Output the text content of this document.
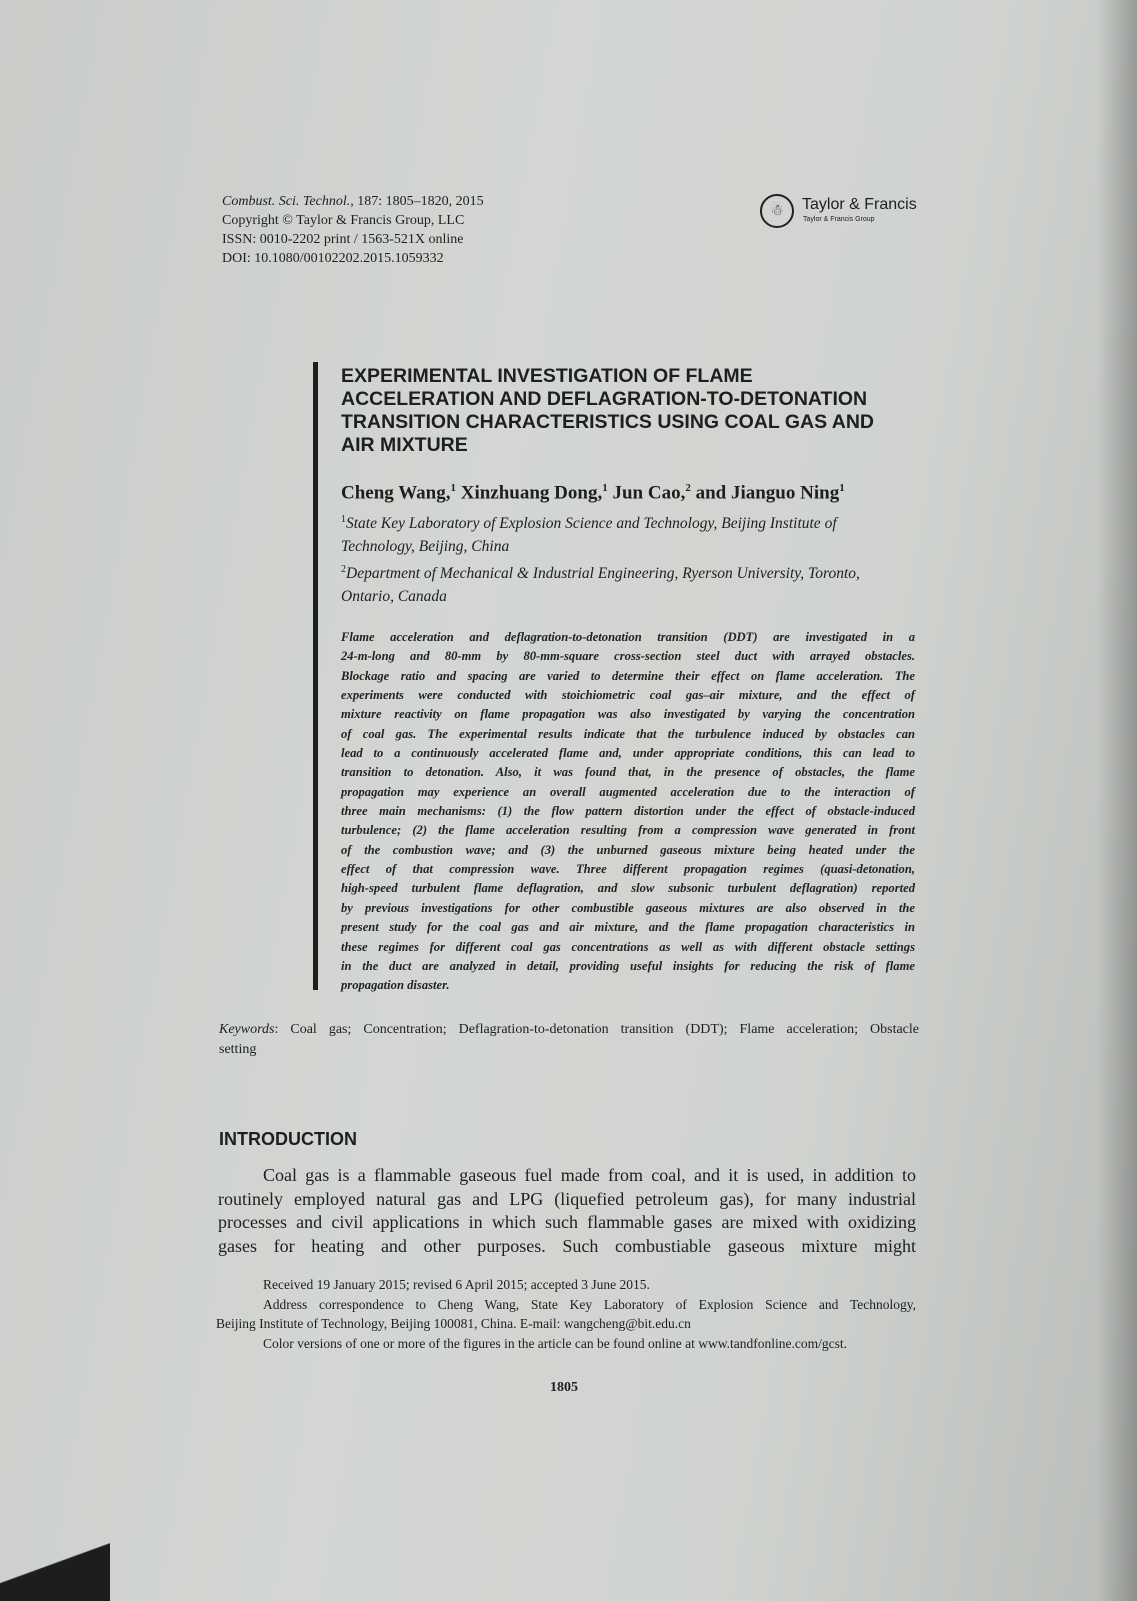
Combust. Sci. Technol., 187: 1805–1820, 2015
Copyright © Taylor & Francis Group, LLC
ISSN: 0010-2202 print / 1563-521X online
DOI: 10.1080/00102202.2015.1059332
☃	Taylor & Francis
Taylor & Francis Group
EXPERIMENTAL INVESTIGATION OF FLAME
ACCELERATION AND DEFLAGRATION-TO-DETONATION
TRANSITION CHARACTERISTICS USING COAL GAS AND
AIR MIXTURE
Cheng Wang,$^1$ Xinzhuang Dong,$^1$ Jun Cao,$^2$ and Jianguo Ning$^1$
$^1$State Key Laboratory of Explosion Science and Technology, Beijing Institute of
Technology, Beijing, China
$^2$Department of Mechanical & Industrial Engineering, Ryerson University, Toronto,
Ontario, Canada
Flame acceleration and deflagration-to-detonation transition (DDT) are investigated in a
24-m-long and 80-mm by 80-mm-square cross-section steel duct with arrayed obstacles.
Blockage ratio and spacing are varied to determine their effect on flame acceleration. The
experiments were conducted with stoichiometric coal gas–air mixture, and the effect of
mixture reactivity on flame propagation was also investigated by varying the concentration
of coal gas. The experimental results indicate that the turbulence induced by obstacles can
lead to a continuously accelerated flame and, under appropriate conditions, this can lead to
transition to detonation. Also, it was found that, in the presence of obstacles, the flame
propagation may experience an overall augmented acceleration due to the interaction of
three main mechanisms: (1) the flow pattern distortion under the effect of obstacle-induced
turbulence; (2) the flame acceleration resulting from a compression wave generated in front
of the combustion wave; and (3) the unburned gaseous mixture being heated under the
effect of that compression wave. Three different propagation regimes (quasi-detonation,
high-speed turbulent flame deflagration, and slow subsonic turbulent deflagration) reported
by previous investigations for other combustible gaseous mixtures are also observed in the
present study for the coal gas and air mixture, and the flame propagation characteristics in
these regimes for different coal gas concentrations as well as with different obstacle settings
in the duct are analyzed in detail, providing useful insights for reducing the risk of flame
propagation disaster.
Keywords: Coal gas; Concentration; Deflagration-to-detonation transition (DDT); Flame acceleration; Obstacle
setting
INTRODUCTION
Coal gas is a flammable gaseous fuel made from coal, and it is used, in addition to
routinely employed natural gas and LPG (liquefied petroleum gas), for many industrial
processes and civil applications in which such flammable gases are mixed with oxidizing
gases for heating and other purposes. Such combustiable gaseous mixture might
Received 19 January 2015; revised 6 April 2015; accepted 3 June 2015.
Address correspondence to Cheng Wang, State Key Laboratory of Explosion Science and Technology,
Beijing Institute of Technology, Beijing 100081, China. E-mail: wangcheng@bit.edu.cn
Color versions of one or more of the figures in the article can be found online at www.tandfonline.com/gcst.
1805
